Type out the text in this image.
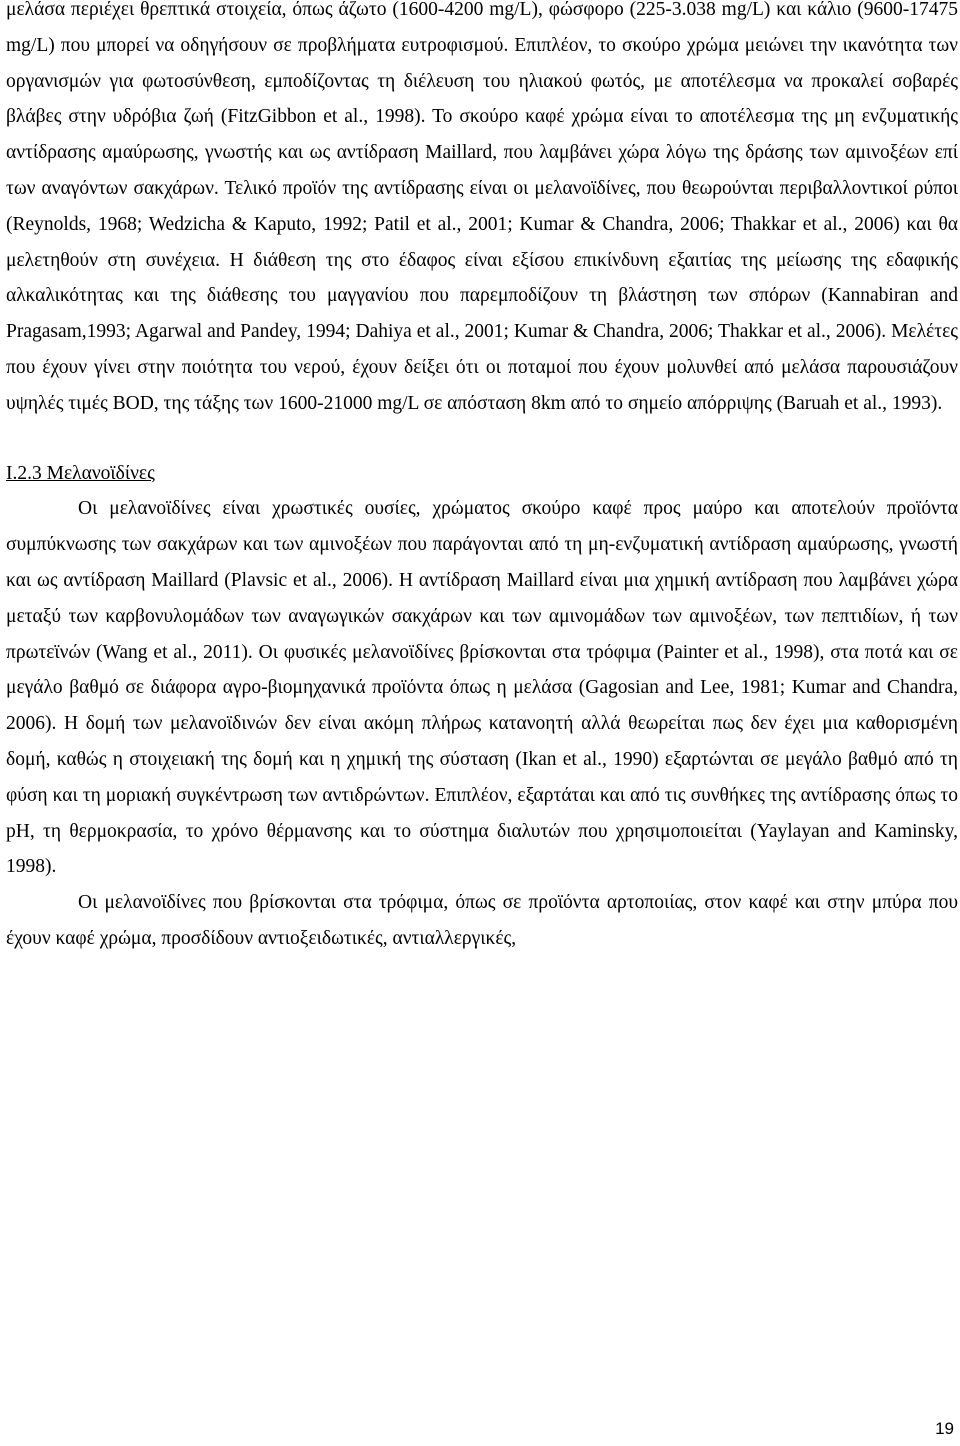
μελάσα περιέχει θρεπτικά στοιχεία, όπως άζωτο (1600-4200 mg/L), φώσφορο (225-3.038 mg/L) και κάλιο (9600-17475 mg/L) που μπορεί να οδηγήσουν σε προβλήματα ευτροφισμού. Επιπλέον, το σκούρο χρώμα μειώνει την ικανότητα των οργανισμών για φωτοσύνθεση, εμποδίζοντας τη διέλευση του ηλιακού φωτός, με αποτέλεσμα να προκαλεί σοβαρές βλάβες στην υδρόβια ζωή (FitzGibbon et al., 1998). Το σκούρο καφέ χρώμα είναι το αποτέλεσμα της μη ενζυματικής αντίδρασης αμαύρωσης, γνωστής και ως αντίδραση Maillard, που λαμβάνει χώρα λόγω της δράσης των αμινοξέων επί των αναγόντων σακχάρων. Τελικό προϊόν της αντίδρασης είναι οι μελανοϊδίνες, που θεωρούνται περιβαλλοντικοί ρύποι (Reynolds, 1968; Wedzicha & Kaputo, 1992; Patil et al., 2001; Kumar & Chandra, 2006; Thakkar et al., 2006) και θα μελετηθούν στη συνέχεια. Η διάθεση της στο έδαφος είναι εξίσου επικίνδυνη εξαιτίας της μείωσης της εδαφικής αλκαλικότητας και της διάθεσης του μαγγανίου που παρεμποδίζουν τη βλάστηση των σπόρων (Kannabiran and Pragasam,1993; Agarwal and Pandey, 1994; Dahiya et al., 2001; Kumar & Chandra, 2006; Thakkar et al., 2006). Μελέτες που έχουν γίνει στην ποιότητα του νερού, έχουν δείξει ότι οι ποταμοί που έχουν μολυνθεί από μελάσα παρουσιάζουν υψηλές τιμές BOD, της τάξης των 1600-21000 mg/L σε απόσταση 8km από το σημείο απόρριψης (Baruah et al., 1993).

Ι.2.3 Μελανοϊδίνες

Οι μελανοϊδίνες είναι χρωστικές ουσίες, χρώματος σκούρο καφέ προς μαύρο και αποτελούν προϊόντα συμπύκνωσης των σακχάρων και των αμινοξέων που παράγονται από τη μη-ενζυματική αντίδραση αμαύρωσης, γνωστή και ως αντίδραση Maillard (Plavsic et al., 2006). Η αντίδραση Maillard είναι μια χημική αντίδραση που λαμβάνει χώρα μεταξύ των καρβονυλομάδων των αναγωγικών σακχάρων και των αμινομάδων των αμινοξέων, των πεπτιδίων, ή των πρωτεϊνών (Wang et al., 2011). Οι φυσικές μελανοϊδίνες βρίσκονται στα τρόφιμα (Painter et al., 1998), στα ποτά και σε μεγάλο βαθμό σε διάφορα αγρο-βιομηχανικά προϊόντα όπως η μελάσα (Gagosian and Lee, 1981; Kumar and Chandra, 2006). Η δομή των μελανοϊδινών δεν είναι ακόμη πλήρως κατανοητή αλλά θεωρείται πως δεν έχει μια καθορισμένη δομή, καθώς η στοιχειακή της δομή και η χημική της σύσταση (Ikan et al., 1990) εξαρτώνται σε μεγάλο βαθμό από τη φύση και τη μοριακή συγκέντρωση των αντιδρώντων. Επιπλέον, εξαρτάται και από τις συνθήκες της αντίδρασης όπως το pH, τη θερμοκρασία, το χρόνο θέρμανσης και το σύστημα διαλυτών που χρησιμοποιείται (Yaylayan and Kaminsky, 1998).

Οι μελανοϊδίνες που βρίσκονται στα τρόφιμα, όπως σε προϊόντα αρτοποιίας, στον καφέ και στην μπύρα που έχουν καφέ χρώμα, προσδίδουν αντιοξειδωτικές, αντιαλλεργικές,

19
